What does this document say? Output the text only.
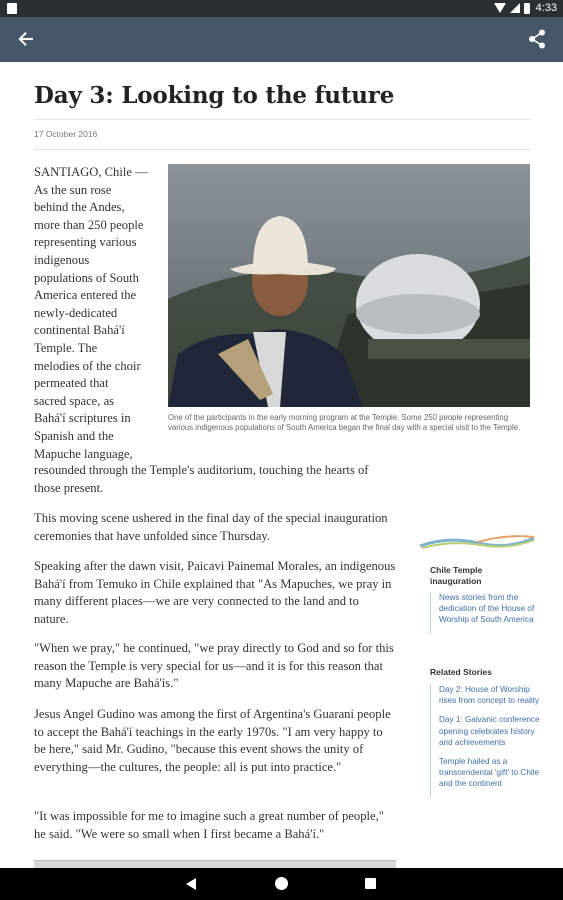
4:33
Day 3: Looking to the future
17 October 2016
SANTIAGO, Chile —
As the sun rose
behind the Andes,
more than 250 people
representing various
indigenous
populations of South
America entered the
newly-dedicated
continental Bahá'í
Temple. The
melodies of the choir
permeated that
sacred space, as
Bahá'í scriptures in
Spanish and the
Mapuche language,
resounded through the Temple's auditorium, touching the hearts of those present.
One of the participants in the early morning program at the Temple. Some 250 people representing various indigenous populations of South America began the final day with a special visit to the Temple.
This moving scene ushered in the final day of the special inauguration ceremonies that have unfolded since Thursday.
Speaking after the dawn visit, Paicavi Painemal Morales, an indigenous Bahá'í from Temuko in Chile explained that "As Mapuches, we pray in many different places—we are very connected to the land and to nature.
"When we pray," he continued, "we pray directly to God and so for this reason the Temple is very special for us—and it is for this reason that many Mapuche are Bahá'ís."
Jesus Angel Gudino was among the first of Argentina's Guarani people to accept the Bahá'í teachings in the early 1970s. "I am very happy to be here," said Mr. Gudino, "because this event shows the unity of everything—the cultures, the people: all is put into practice."
"It was impossible for me to imagine such a great number of people," he said. "We were so small when I first became a Bahá'í."
Chile Temple inauguration
News stories from the dedication of the House of Worship of South America
Related Stories
Day 2: House of Worship rises from concept to reality
Day 1: Galvanic conference opening celebrates history and achievements
Temple hailed as a transcendental 'gift' to Chile and the continent
